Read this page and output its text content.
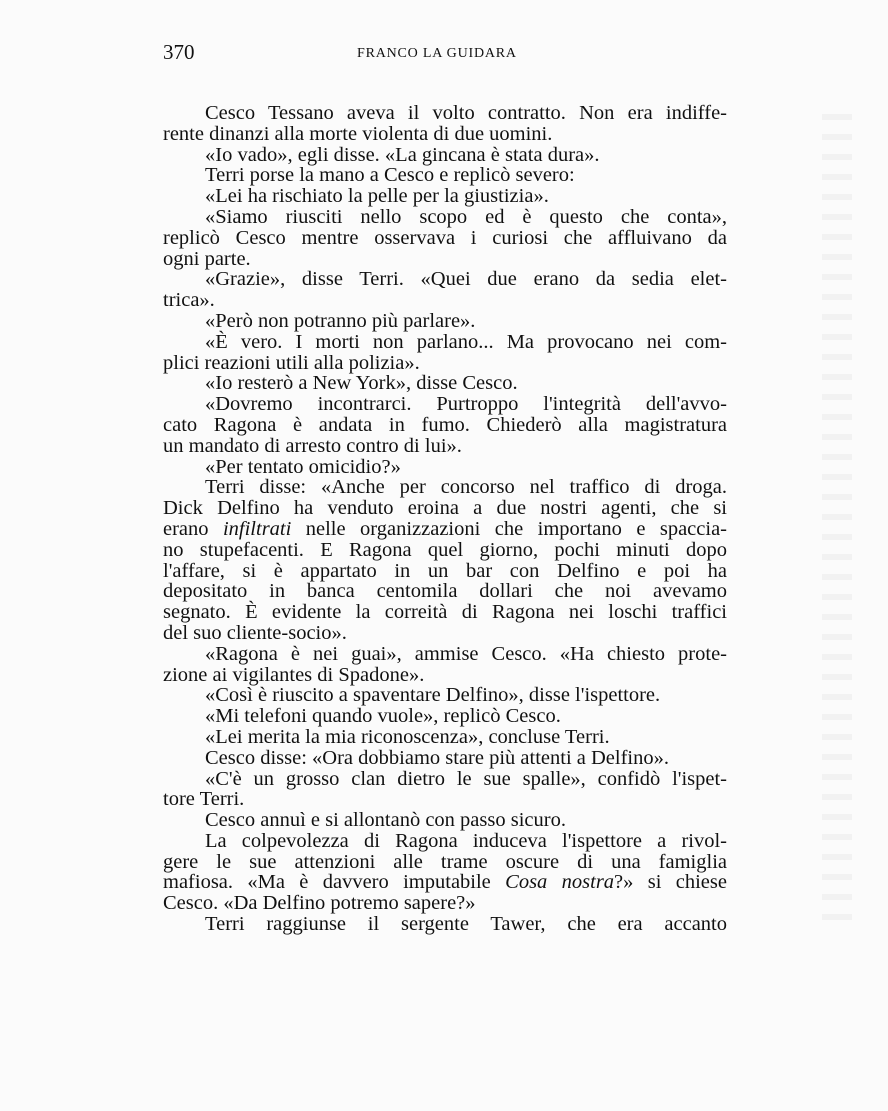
370	FRANCO LA GUIDARA
Cesco Tessano aveva il volto contratto. Non era indiffe-
rente dinanzi alla morte violenta di due uomini.
«Io vado», egli disse. «La gincana è stata dura».
Terri porse la mano a Cesco e replicò severo:
«Lei ha rischiato la pelle per la giustizia».
«Siamo riusciti nello scopo ed è questo che conta»,
replicò Cesco mentre osservava i curiosi che affluivano da
ogni parte.
«Grazie», disse Terri. «Quei due erano da sedia elet-
trica».
«Però non potranno più parlare».
«È vero. I morti non parlano... Ma provocano nei com-
plici reazioni utili alla polizia».
«Io resterò a New York», disse Cesco.
«Dovremo incontrarci. Purtroppo l'integrità dell'avvo-
cato Ragona è andata in fumo. Chiederò alla magistratura
un mandato di arresto contro di lui».
«Per tentato omicidio?»
Terri disse: «Anche per concorso nel traffico di droga.
Dick Delfino ha venduto eroina a due nostri agenti, che si
erano infiltrati nelle organizzazioni che importano e spaccia-
no stupefacenti. E Ragona quel giorno, pochi minuti dopo
l'affare, si è appartato in un bar con Delfino e poi ha
depositato in banca centomila dollari che noi avevamo
segnato. È evidente la correità di Ragona nei loschi traffici
del suo cliente-socio».
«Ragona è nei guai», ammise Cesco. «Ha chiesto prote-
zione ai vigilantes di Spadone».
«Così è riuscito a spaventare Delfino», disse l'ispettore.
«Mi telefoni quando vuole», replicò Cesco.
«Lei merita la mia riconoscenza», concluse Terri.
Cesco disse: «Ora dobbiamo stare più attenti a Delfino».
«C'è un grosso clan dietro le sue spalle», confidò l'ispet-
tore Terri.
Cesco annuì e si allontanò con passo sicuro.
La colpevolezza di Ragona induceva l'ispettore a rivol-
gere le sue attenzioni alle trame oscure di una famiglia
mafiosa. «Ma è davvero imputabile Cosa nostra?» si chiese
Cesco. «Da Delfino potremo sapere?»
Terri raggiunse il sergente Tawer, che era accanto
